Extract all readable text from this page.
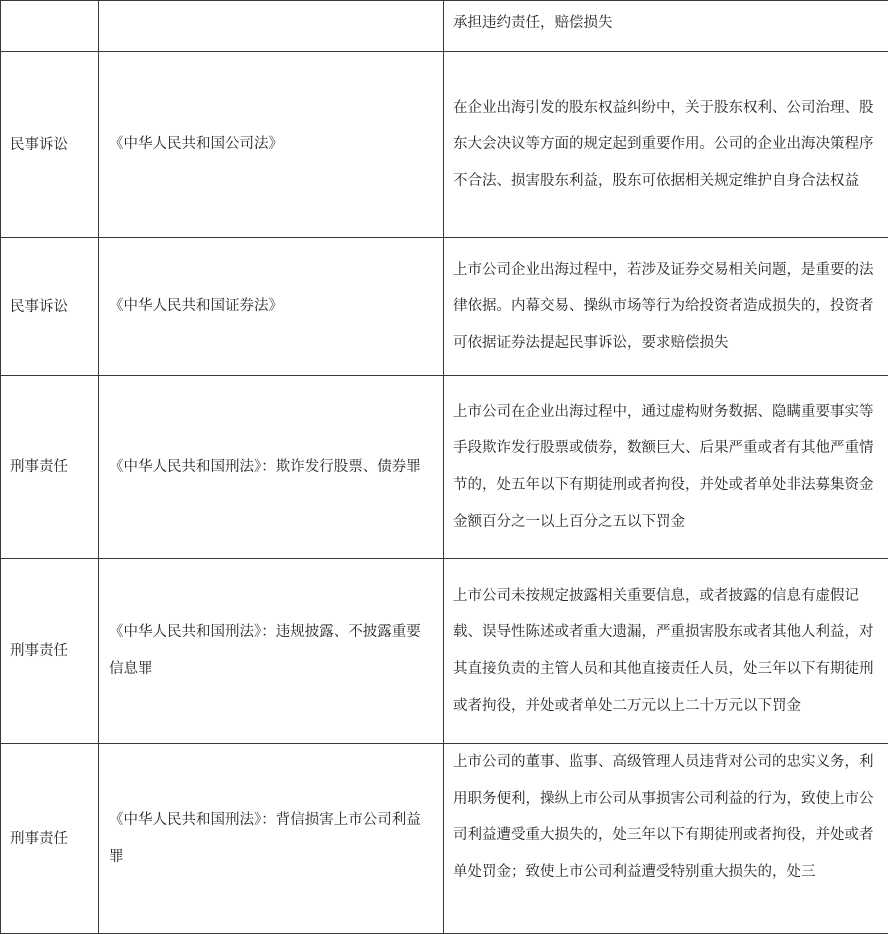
		承担违约责任，赔偿损失

民事诉讼	《中华人民共和国公司法》	在企业出海引发的股东权益纠纷中，关于股东权利、公司治理、股东大会决议等方面的规定起到重要作用。公司的企业出海决策程序不合法、损害股东利益，股东可依据相关规定维护自身合法权益

民事诉讼	《中华人民共和国证券法》	上市公司企业出海过程中，若涉及证券交易相关问题，是重要的法律依据。内幕交易、操纵市场等行为给投资者造成损失的，投资者可依据证券法提起民事诉讼，要求赔偿损失

刑事责任	《中华人民共和国刑法》：欺诈发行股票、债券罪	上市公司在企业出海过程中，通过虚构财务数据、隐瞒重要事实等手段欺诈发行股票或债券，数额巨大、后果严重或者有其他严重情节的，处五年以下有期徒刑或者拘役，并处或者单处非法募集资金金额百分之一以上百分之五以下罚金

刑事责任	《中华人民共和国刑法》：违规披露、不披露重要信息罪	上市公司未按规定披露相关重要信息，或者披露的信息有虚假记载、误导性陈述或者重大遗漏，严重损害股东或者其他人利益，对其直接负责的主管人员和其他直接责任人员，处三年以下有期徒刑或者拘役，并处或者单处二万元以上二十万元以下罚金

刑事责任	《中华人民共和国刑法》：背信损害上市公司利益罪	上市公司的董事、监事、高级管理人员违背对公司的忠实义务，利用职务便利，操纵上市公司从事损害公司利益的行为，致使上市公司利益遭受重大损失的，处三年以下有期徒刑或者拘役，并处或者单处罚金；致使上市公司利益遭受特别重大损失的，处三
